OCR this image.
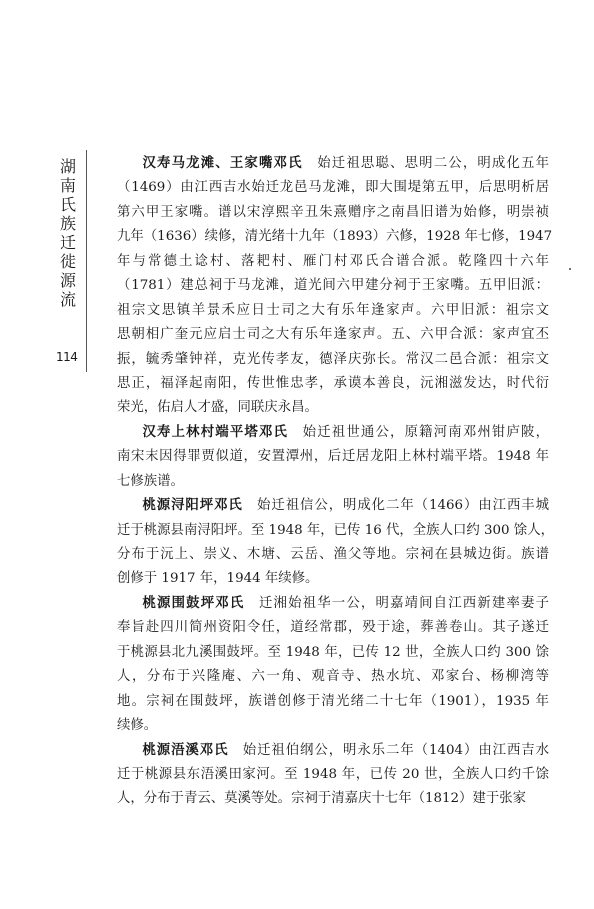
湖
南
氏
族
迁
徙
源
流
114
汉寿马龙滩、王家嘴邓氏　始迁祖思聪、思明二公，明成化五年
（1469）由江西吉水始迁龙邑马龙滩，即大围堤第五甲，后思明析居
第六甲王家嘴。谱以宋淳熙辛丑朱熹赠序之南昌旧谱为始修，明崇祯
九年（1636）续修，清光绪十九年（1893）六修，1928 年七修，1947
年与常德土谂村、落耙村、雁门村邓氏合谱合派。乾隆四十六年
（1781）建总祠于马龙滩，道光间六甲建分祠于王家嘴。五甲旧派：
祖宗文思镇羊景禾应日士司之大有乐年逢家声。六甲旧派：祖宗文
思朝相广奎元应启士司之大有乐年逢家声。五、六甲合派：家声宜丕
振，毓秀肇钟祥，克光传孝友，德泽庆弥长。常汉二邑合派：祖宗文
思正，福泽起南阳，传世惟忠孝，承谟本善良，沅湘滋发达，时代衍
荣光，佑启人才盛，同联庆永昌。
汉寿上林村端平塔邓氏　始迁祖世通公，原籍河南邓州钳庐陂，
南宋末因得罪贾似道，安置潭州，后迁居龙阳上林村端平塔。1948 年
七修族谱。
桃源浔阳坪邓氏　始迁祖信公，明成化二年（1466）由江西丰城
迁于桃源县南浔阳坪。至 1948 年，已传 16 代，全族人口约 300 馀人，
分布于沅上、崇义、木塘、云岳、渔父等地。宗祠在县城边街。族谱
创修于 1917 年，1944 年续修。
桃源围鼓坪邓氏　迁湘始祖华一公，明嘉靖间自江西新建率妻子
奉旨赴四川简州资阳令任，道经常郡，殁于途，葬善卷山。其子遂迁
于桃源县北九溪围鼓坪。至 1948 年，已传 12 世，全族人口约 300 馀
人，分布于兴隆庵、六一角、观音寺、热水坑、邓家台、杨柳湾等
地。宗祠在围鼓坪，族谱创修于清光绪二十七年（1901），1935 年
续修。
桃源浯溪邓氏　始迁祖伯纲公，明永乐二年（1404）由江西吉水
迁于桃源县东浯溪田家河。至 1948 年，已传 20 世，全族人口约千馀
人，分布于青云、莫溪等处。宗祠于清嘉庆十七年（1812）建于张家
